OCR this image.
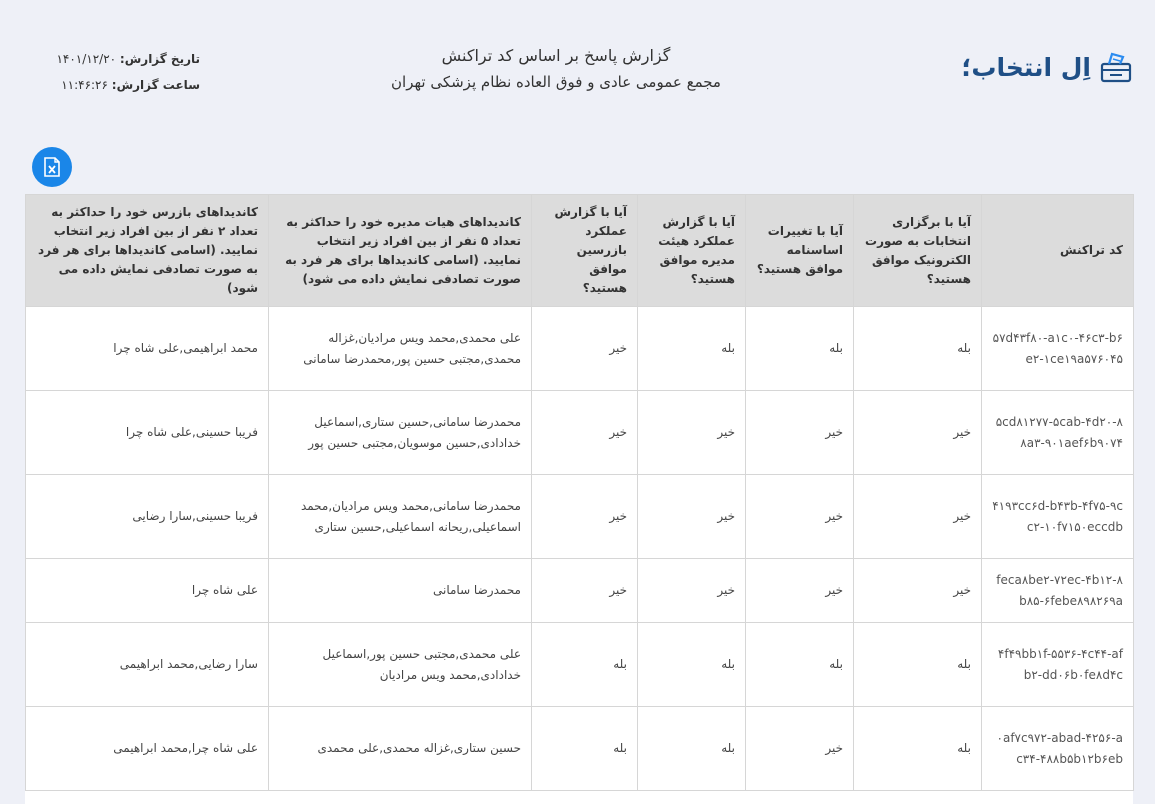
اِل انتخاب؛
گزارش پاسخ بر اساس کد تراکنش
مجمع عمومی عادی و فوق العاده نظام پزشکی تهران
تاریخ گزارش: ۱۴۰۱/۱۲/۲۰
ساعت گزارش: ۱۱:۴۶:۲۶
کد تراکنش	آیا با برگزاری انتخابات به صورت الکترونیک موافق هستید؟	آیا با تغییرات اساسنامه موافق هستید؟	آیا با گزارش عملکرد هیئت مدیره موافق هستید؟	آیا با گزارش عملکرد بازرسین موافق هستید؟	کاندیداهای هیات مدیره خود را حداکثر به تعداد ۵ نفر از بین افراد زیر انتخاب نمایید. (اسامی کاندیداها برای هر فرد به صورت تصادفی نمایش داده می شود)	کاندیداهای بازرس خود را حداکثر به تعداد ۲ نفر از بین افراد زیر انتخاب نمایید. (اسامی کاندیداها برای هر فرد به صورت تصادفی نمایش داده می شود)
۵۷d۴۳f۸۰-a۱c۰-۴۶c۳-b۶e۲-۱ce۱۹a۵۷۶۰۴۵	بله	بله	بله	خیر	علی محمدی,محمد ویس مرادیان,غزاله محمدی,مجتبی حسین پور,محمدرضا سامانی	محمد ابراهیمی,علی شاه چرا
۵cd۸۱۲۷۷-۵cab-۴d۲۰-۸۸a۳-۹۰۱aef۶b۹۰۷۴	خیر	خیر	خیر	خیر	محمدرضا سامانی,حسین ستاری,اسماعیل خدادادی,حسین موسویان,مجتبی حسین پور	فریبا حسینی,علی شاه چرا
۴۱۹۳cc۶d-b۴۳b-۴f۷۵-۹cc۲-۱۰f۷۱۵۰eccdb	خیر	خیر	خیر	خیر	محمدرضا سامانی,محمد ویس مرادیان,محمد اسماعیلی,ریحانه اسماعیلی,حسین ستاری	فریبا حسینی,سارا رضایی
feca۸be۲-۷۲ec-۴b۱۲-۸b۸۵-۶febe۸۹۸۲۶۹a	خیر	خیر	خیر	خیر	محمدرضا سامانی	علی شاه چرا
۴f۴۹bb۱f-۵۵۳۶-۴c۴۴-afb۲-dd۰۶b۰fe۸d۴c	بله	بله	بله	بله	علی محمدی,مجتبی حسین پور,اسماعیل خدادادی,محمد ویس مرادیان	سارا رضایی,محمد ابراهیمی
۰af۷c۹۷۲-abad-۴۲۵۶-ac۳۴-۴۸۸b۵b۱۲b۶eb	بله	خیر	بله	بله	حسین ستاری,غزاله محمدی,علی محمدی	علی شاه چرا,محمد ابراهیمی
